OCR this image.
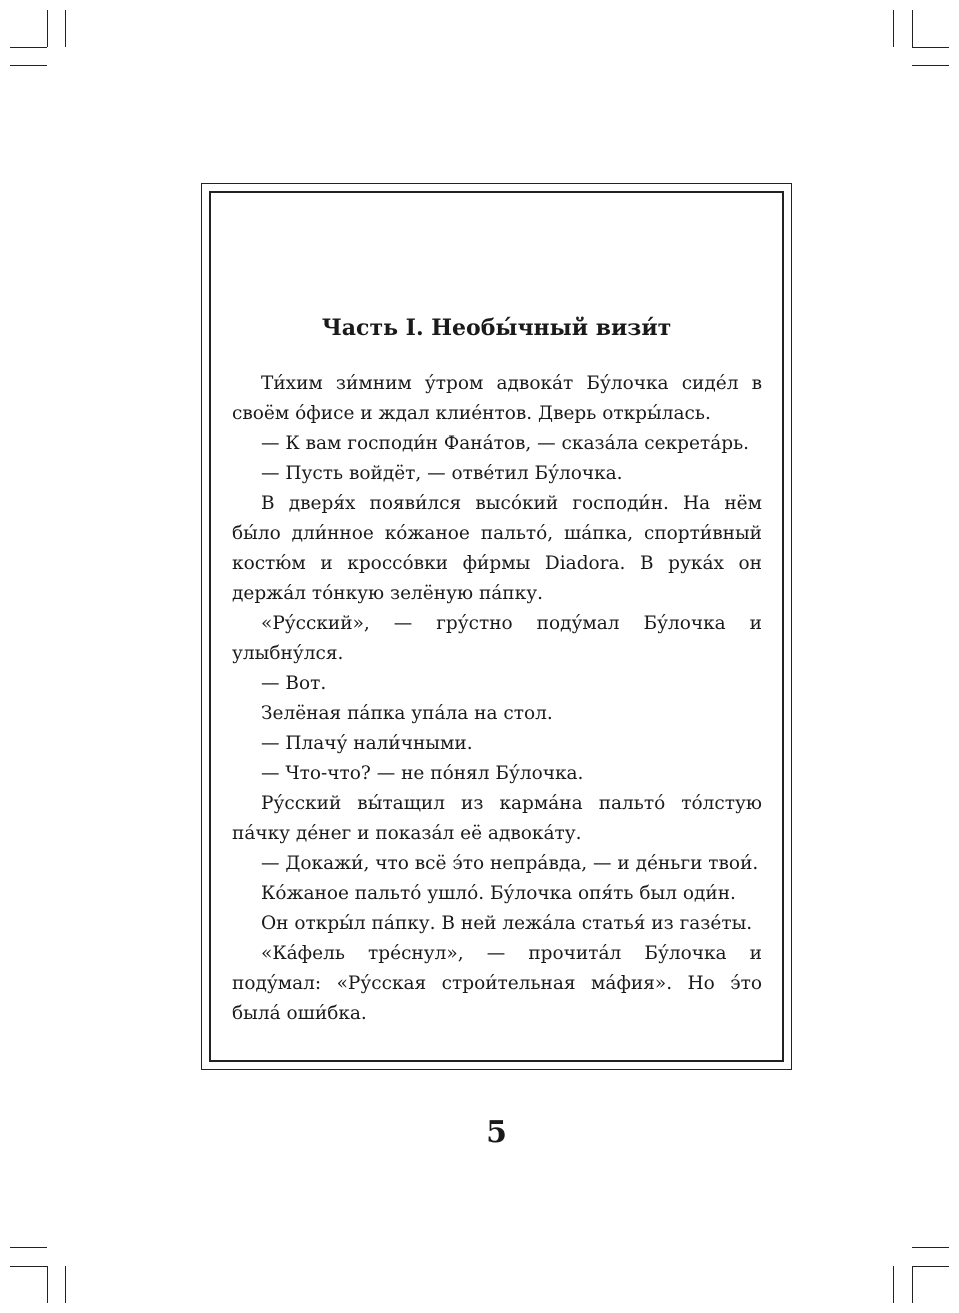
Часть I. Необы́чный визи́т

Ти́хим зи́мним у́тром адвока́т Бу́лочка сиде́л в своём о́фисе и ждал клие́нтов. Дверь откры́лась.

— К вам господи́н Фана́тов, — сказа́ла секрета́рь.

— Пусть войдёт, — отве́тил Бу́лочка.

В дверя́х появи́лся высо́кий господи́н. На нём бы́ло дли́нное ко́жаное пальто́, ша́пка, спорти́вный костю́м и кроссо́вки фи́рмы Diadora. В рука́х он держа́л то́нкую зелёную па́пку.

«Ру́сский», — гру́стно поду́мал Бу́лочка и улыбну́лся.

— Вот.

Зелёная па́пка упа́ла на стол.

— Плачу́ нали́чными.

— Что-что? — не по́нял Бу́лочка.

Ру́сский вы́тащил из карма́на пальто́ то́лстую па́чку де́нег и показа́л её адвока́ту.

— Докажи́, что всё э́то непра́вда, — и де́ньги твои́.

Ко́жаное пальто́ ушло́. Бу́лочка опя́ть был оди́н.

Он откры́л па́пку. В ней лежа́ла статья́ из газе́ты.

«Ка́фель тре́снул», — прочита́л Бу́лочка и поду́мал: «Ру́сская строи́тельная ма́фия». Но э́то была́ оши́бка.

5
